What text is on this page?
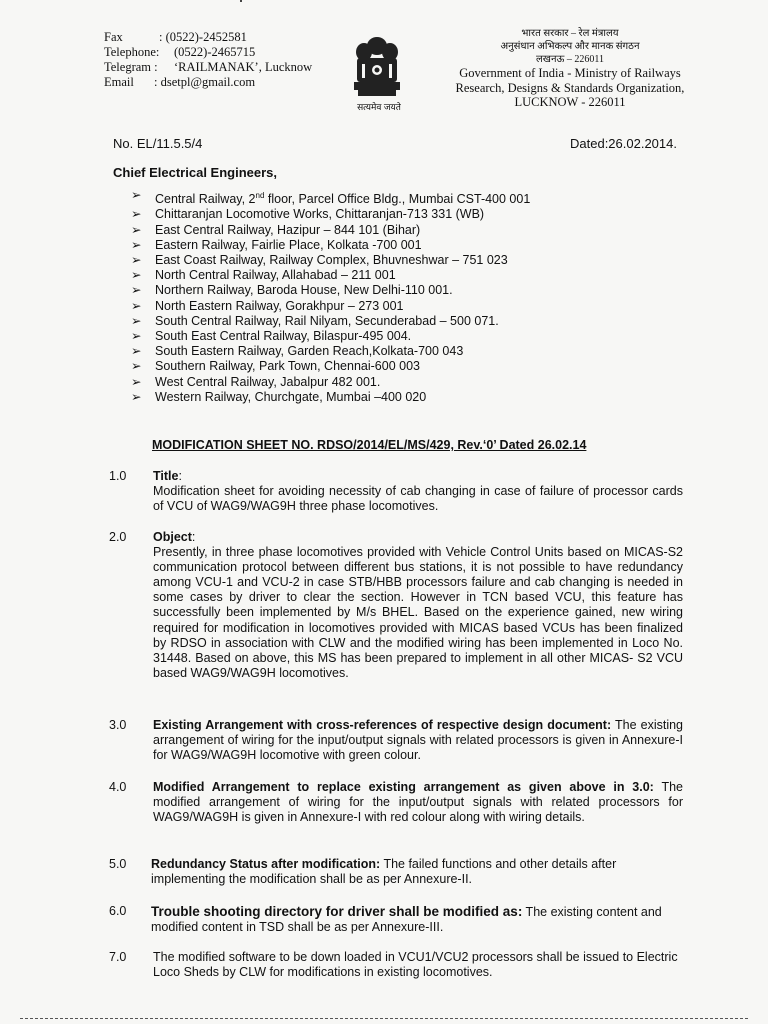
Fax	: (0522)-2452581
Telephone:	(0522)-2465715
Telegram :	‘RAILMANAK’, Lucknow
Email	: dsetpl@gmail.com
सत्यमेव जयते
भारत सरकार – रेल मंत्रालय
अनुसंधान अभिकल्प और मानक संगठन
लखनऊ – 226011
Government of India - Ministry of Railways
Research, Designs & Standards Organization,
LUCKNOW - 226011
No. EL/11.5.5/4	Dated:26.02.2014.
Chief Electrical Engineers,
➢	Central Railway, 2nd floor, Parcel Office Bldg., Mumbai CST-400 001
➢	Chittaranjan Locomotive Works, Chittaranjan-713 331 (WB)
➢	East Central Railway, Hazipur – 844 101 (Bihar)
➢	Eastern Railway, Fairlie Place, Kolkata -700 001
➢	East Coast Railway, Railway Complex, Bhuvneshwar – 751 023
➢	North Central Railway, Allahabad – 211 001
➢	Northern Railway, Baroda House, New Delhi-110 001.
➢	North Eastern Railway, Gorakhpur – 273 001
➢	South Central Railway, Rail Nilyam, Secunderabad – 500 071.
➢	South East Central Railway, Bilaspur-495 004.
➢	South Eastern Railway, Garden Reach,Kolkata-700 043
➢	Southern Railway, Park Town, Chennai-600 003
➢	West Central Railway, Jabalpur 482 001.
➢	Western Railway, Churchgate, Mumbai –400 020
MODIFICATION SHEET NO. RDSO/2014/EL/MS/429, Rev.‘0’ Dated 26.02.14
1.0 Title:
Modification sheet for avoiding necessity of cab changing in case of failure of processor cards of VCU of WAG9/WAG9H three phase locomotives.
2.0 Object:
Presently, in three phase locomotives provided with Vehicle Control Units based on MICAS-S2 communication protocol between different bus stations, it is not possible to have redundancy among VCU-1 and VCU-2 in case STB/HBB processors failure and cab changing is needed in some cases by driver to clear the section. However in TCN based VCU, this feature has successfully been implemented by M/s BHEL. Based on the experience gained, new wiring required for modification in locomotives provided with MICAS based VCUs has been finalized by RDSO in association with CLW and the modified wiring has been implemented in Loco No. 31448. Based on above, this MS has been prepared to implement in all other MICAS- S2 VCU based WAG9/WAG9H locomotives.
3.0 Existing Arrangement with cross-references of respective design document: The existing arrangement of wiring for the input/output signals with related processors is given in Annexure-I for WAG9/WAG9H locomotive with green colour.
4.0 Modified Arrangement to replace existing arrangement as given above in 3.0: The modified arrangement of wiring for the input/output signals with related processors for WAG9/WAG9H is given in Annexure-I with red colour along with wiring details.
5.0 Redundancy Status after modification: The failed functions and other details after implementing the modification shall be as per Annexure-II.
6.0 Trouble shooting directory for driver shall be modified as: The existing content and modified content in TSD shall be as per Annexure-III.
7.0 The modified software to be down loaded in VCU1/VCU2 processors shall be issued to Electric Loco Sheds by CLW for modifications in existing locomotives.
